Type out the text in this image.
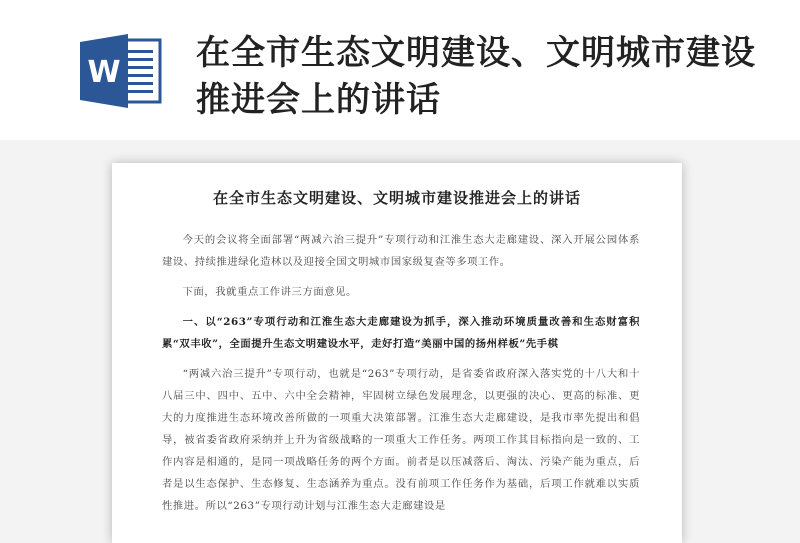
W 在全市生态文明建设、文明城市建设推进会上的讲话
在全市生态文明建设、文明城市建设推进会上的讲话

今天的会议将全面部署“两减六治三提升”专项行动和江淮生态大走廊建设、深入开展公园体系建设、持续推进绿化造林以及迎接全国文明城市国家级复查等多项工作。

下面，我就重点工作讲三方面意见。

一、以“263”专项行动和江淮生态大走廊建设为抓手，深入推动环境质量改善和生态财富积累“双丰收”，全面提升生态文明建设水平，走好打造“美丽中国的扬州样板”先手棋

“两减六治三提升”专项行动，也就是“263”专项行动，是省委省政府深入落实党的十八大和十八届三中、四中、五中、六中全会精神，牢固树立绿色发展理念，以更强的决心、更高的标准、更大的力度推进生态环境改善所做的一项重大决策部署。江淮生态大走廊建设，是我市率先提出和倡导，被省委省政府采纳并上升为省级战略的一项重大工作任务。两项工作其目标指向是一致的、工作内容是相通的，是同一项战略任务的两个方面。前者是以压减落后、淘汰、污染产能为重点，后者是以生态保护、生态修复、生态涵养为重点。没有前项工作任务作为基础，后项工作就难以实质性推进。所以“263”专项行动计划与江淮生态大走廊建设是
